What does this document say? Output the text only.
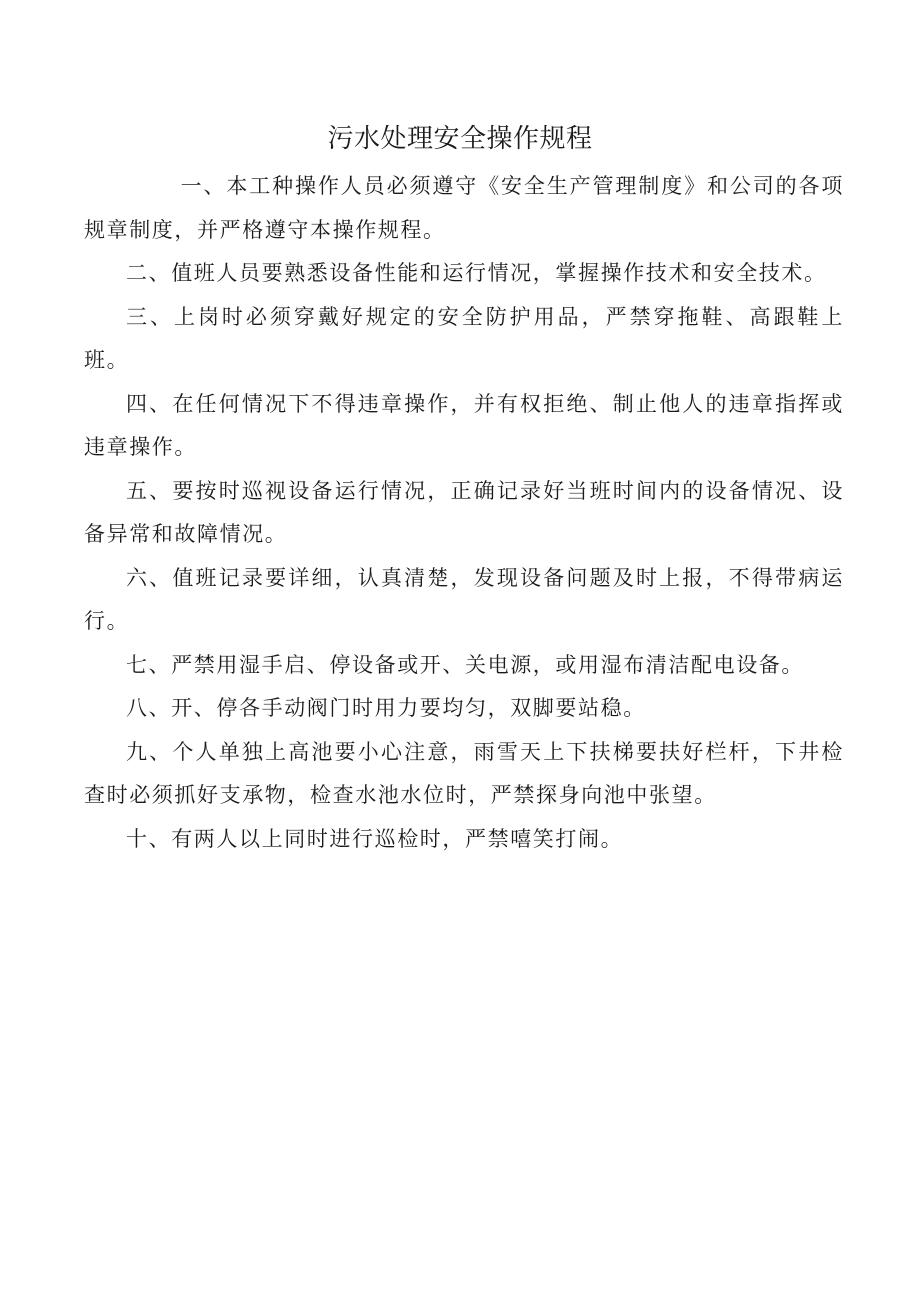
污水处理安全操作规程

一、本工种操作人员必须遵守《安全生产管理制度》和公司的各项规章制度，并严格遵守本操作规程。

二、值班人员要熟悉设备性能和运行情况，掌握操作技术和安全技术。

三、上岗时必须穿戴好规定的安全防护用品，严禁穿拖鞋、高跟鞋上班。

四、在任何情况下不得违章操作，并有权拒绝、制止他人的违章指挥或违章操作。

五、要按时巡视设备运行情况，正确记录好当班时间内的设备情况、设备异常和故障情况。

六、值班记录要详细，认真清楚，发现设备问题及时上报，不得带病运行。

七、严禁用湿手启、停设备或开、关电源，或用湿布清洁配电设备。

八、开、停各手动阀门时用力要均匀，双脚要站稳。

九、个人单独上高池要小心注意，雨雪天上下扶梯要扶好栏杆，下井检查时必须抓好支承物，检查水池水位时，严禁探身向池中张望。

十、有两人以上同时进行巡检时，严禁嘻笑打闹。
